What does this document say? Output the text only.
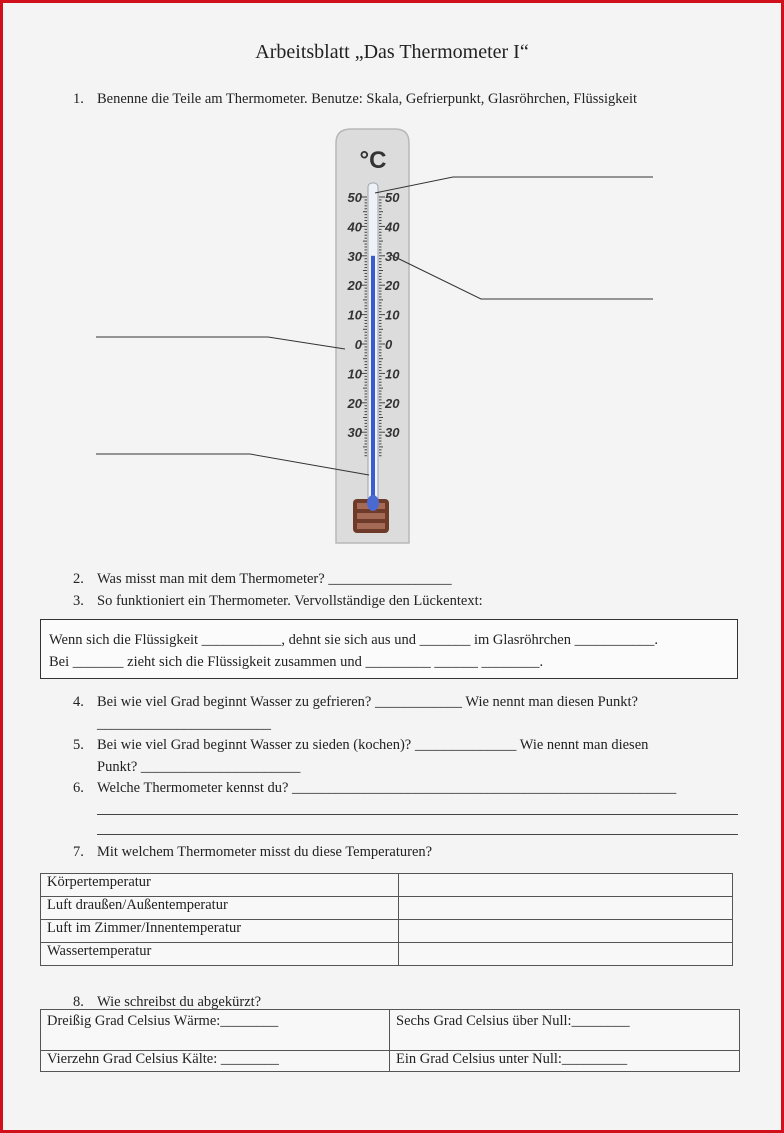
Arbeitsblatt „Das Thermometer I“
1. Benenne die Teile am Thermometer. Benutze: Skala, Gefrierpunkt, Glasröhrchen, Flüssigkeit
°C
50
40
30
20
10
0
10
20
30
50
40
30
20
10
0
10
20
30
2. Was misst man mit dem Thermometer? _________________
3. So funktioniert ein Thermometer. Vervollständige den Lückentext:
Wenn sich die Flüssigkeit ___________, dehnt sie sich aus und _______ im Glasröhrchen ___________.
Bei _______ zieht sich die Flüssigkeit zusammen und _________ ______ ________.
4. Bei wie viel Grad beginnt Wasser zu gefrieren? ____________ Wie nennt man diesen Punkt?
________________________
5. Bei wie viel Grad beginnt Wasser zu sieden (kochen)? ______________ Wie nennt man diesen
Punkt? ______________________
6. Welche Thermometer kennst du? _____________________________________________________
7. Mit welchem Thermometer misst du diese Temperaturen?
Körpertemperatur	
Luft draußen/Außentemperatur	
Luft im Zimmer/Innentemperatur	
Wassertemperatur	
8. Wie schreibst du abgekürzt?
Dreißig Grad Celsius Wärme:________	Sechs Grad Celsius über Null:________
Vierzehn Grad Celsius Kälte: ________	Ein Grad Celsius unter Null:_________
